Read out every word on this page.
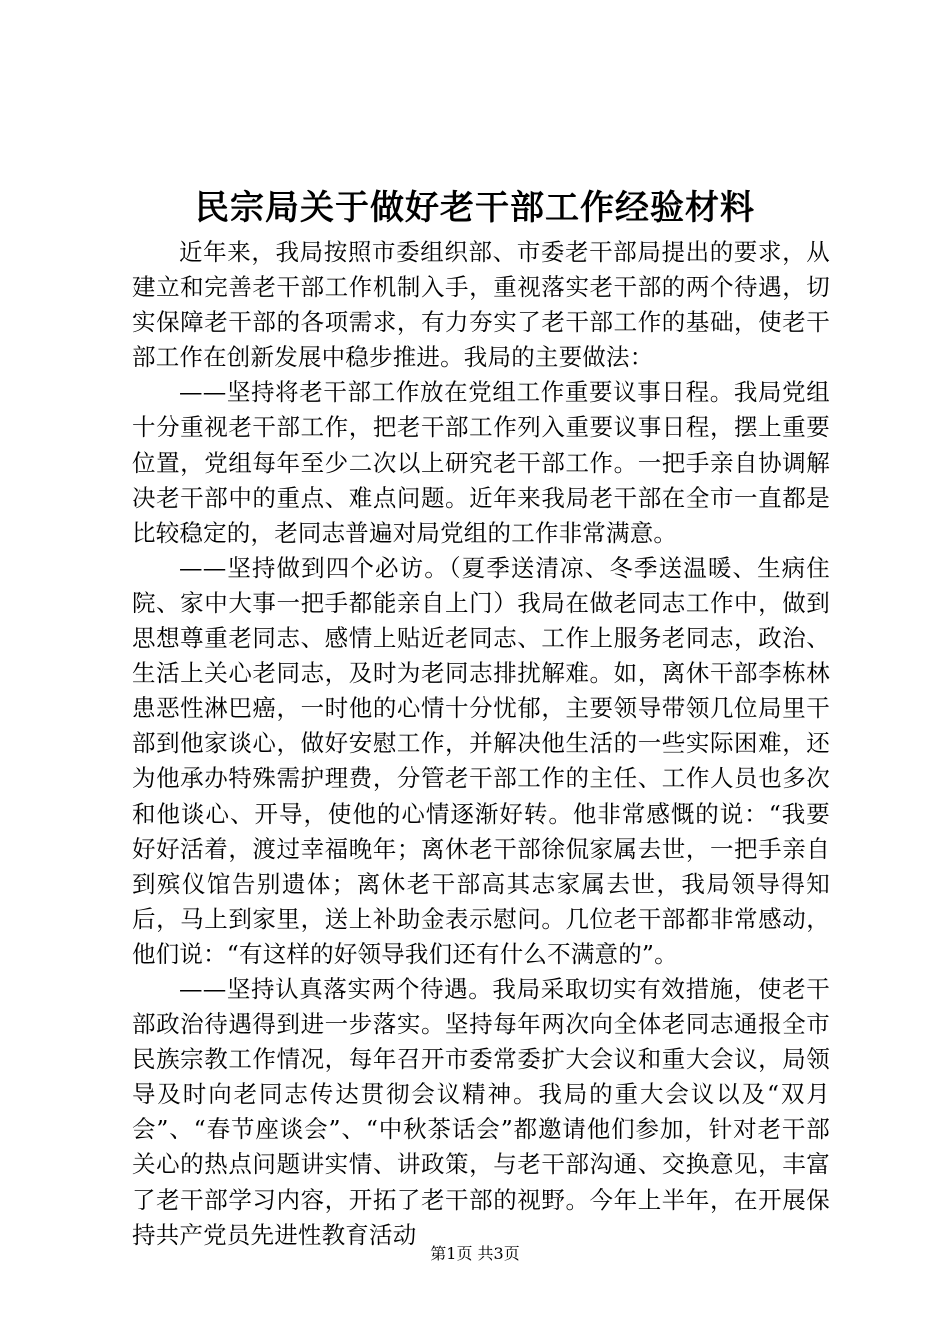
民宗局关于做好老干部工作经验材料

近年来，我局按照市委组织部、市委老干部局提出的要求，从建立和完善老干部工作机制入手，重视落实老干部的两个待遇，切实保障老干部的各项需求，有力夯实了老干部工作的基础，使老干部工作在创新发展中稳步推进。我局的主要做法：

——坚持将老干部工作放在党组工作重要议事日程。我局党组十分重视老干部工作，把老干部工作列入重要议事日程，摆上重要位置，党组每年至少二次以上研究老干部工作。一把手亲自协调解决老干部中的重点、难点问题。近年来我局老干部在全市一直都是比较稳定的，老同志普遍对局党组的工作非常满意。

——坚持做到四个必访。（夏季送清凉、冬季送温暖、生病住院、家中大事一把手都能亲自上门）我局在做老同志工作中，做到思想尊重老同志、感情上贴近老同志、工作上服务老同志，政治、生活上关心老同志，及时为老同志排扰解难。如，离休干部李栋林患恶性淋巴癌，一时他的心情十分忧郁，主要领导带领几位局里干部到他家谈心，做好安慰工作，并解决他生活的一些实际困难，还为他承办特殊需护理费，分管老干部工作的主任、工作人员也多次和他谈心、开导，使他的心情逐渐好转。他非常感慨的说：“我要好好活着，渡过幸福晚年；离休老干部徐侃家属去世，一把手亲自到殡仪馆告别遗体；离休老干部高其志家属去世，我局领导得知后，马上到家里，送上补助金表示慰问。几位老干部都非常感动，他们说：“有这样的好领导我们还有什么不满意的”。

——坚持认真落实两个待遇。我局采取切实有效措施，使老干部政治待遇得到进一步落实。坚持每年两次向全体老同志通报全市民族宗教工作情况，每年召开市委常委扩大会议和重大会议，局领导及时向老同志传达贯彻会议精神。我局的重大会议以及“双月会”、“春节座谈会”、“中秋茶话会”都邀请他们参加，针对老干部关心的热点问题讲实情、讲政策，与老干部沟通、交换意见，丰富了老干部学习内容，开拓了老干部的视野。今年上半年，在开展保持共产党员先进性教育活动

第1页 共3页
